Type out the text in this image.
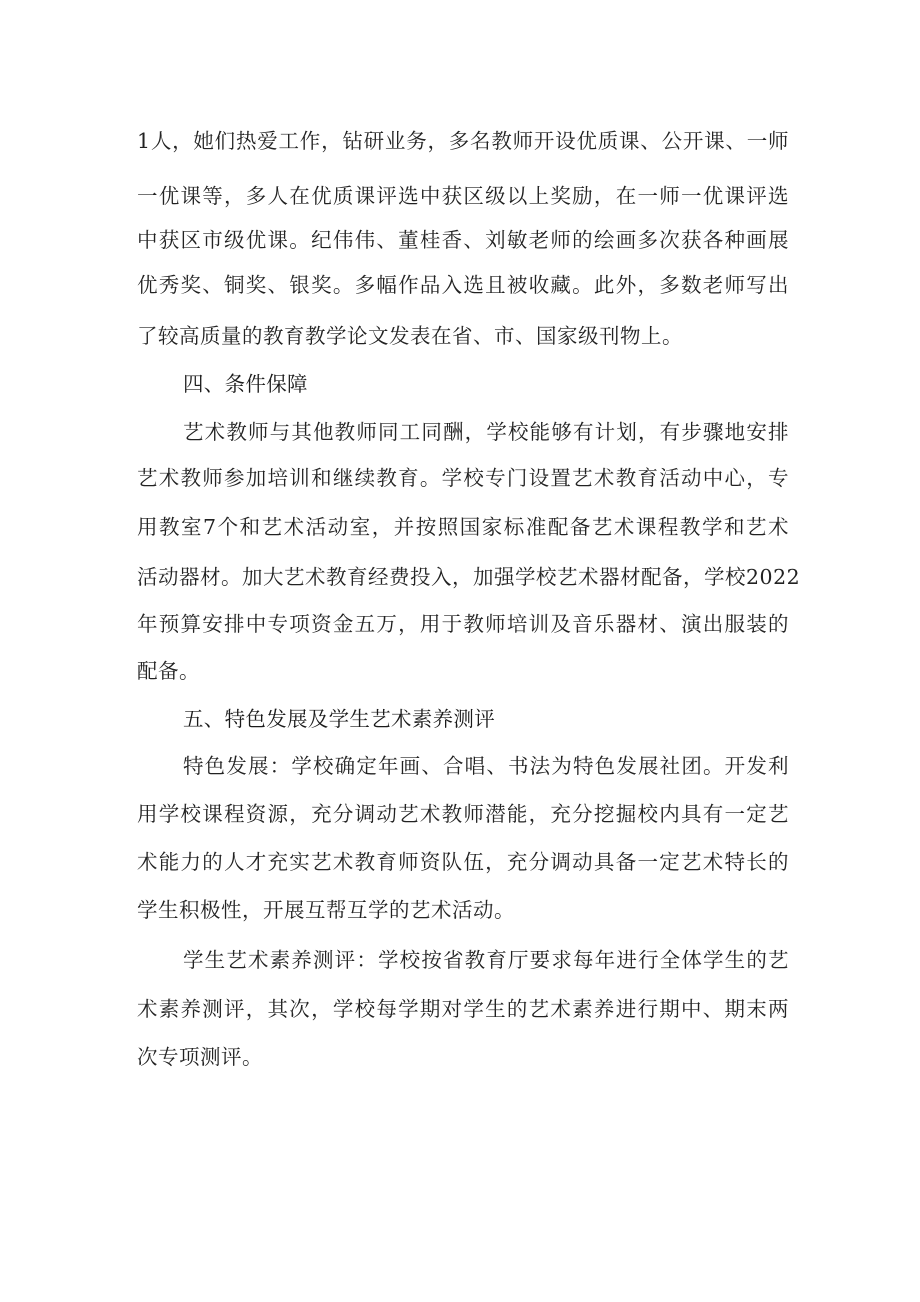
1人，她们热爱工作，钻研业务，多名教师开设优质课、公开课、一师
一优课等，多人在优质课评选中获区级以上奖励，在一师一优课评选
中获区市级优课。纪伟伟、董桂香、刘敏老师的绘画多次获各种画展
优秀奖、铜奖、银奖。多幅作品入选且被收藏。此外，多数老师写出
了较高质量的教育教学论文发表在省、市、国家级刊物上。
四、条件保障
艺术教师与其他教师同工同酬，学校能够有计划，有步骤地安排
艺术教师参加培训和继续教育。学校专门设置艺术教育活动中心，专
用教室7个和艺术活动室，并按照国家标准配备艺术课程教学和艺术
活动器材。加大艺术教育经费投入，加强学校艺术器材配备，学校2022
年预算安排中专项资金五万，用于教师培训及音乐器材、演出服装的
配备。
五、特色发展及学生艺术素养测评
特色发展：学校确定年画、合唱、书法为特色发展社团。开发利
用学校课程资源，充分调动艺术教师潜能，充分挖掘校内具有一定艺
术能力的人才充实艺术教育师资队伍，充分调动具备一定艺术特长的
学生积极性，开展互帮互学的艺术活动。
学生艺术素养测评：学校按省教育厅要求每年进行全体学生的艺
术素养测评，其次，学校每学期对学生的艺术素养进行期中、期末两
次专项测评。
